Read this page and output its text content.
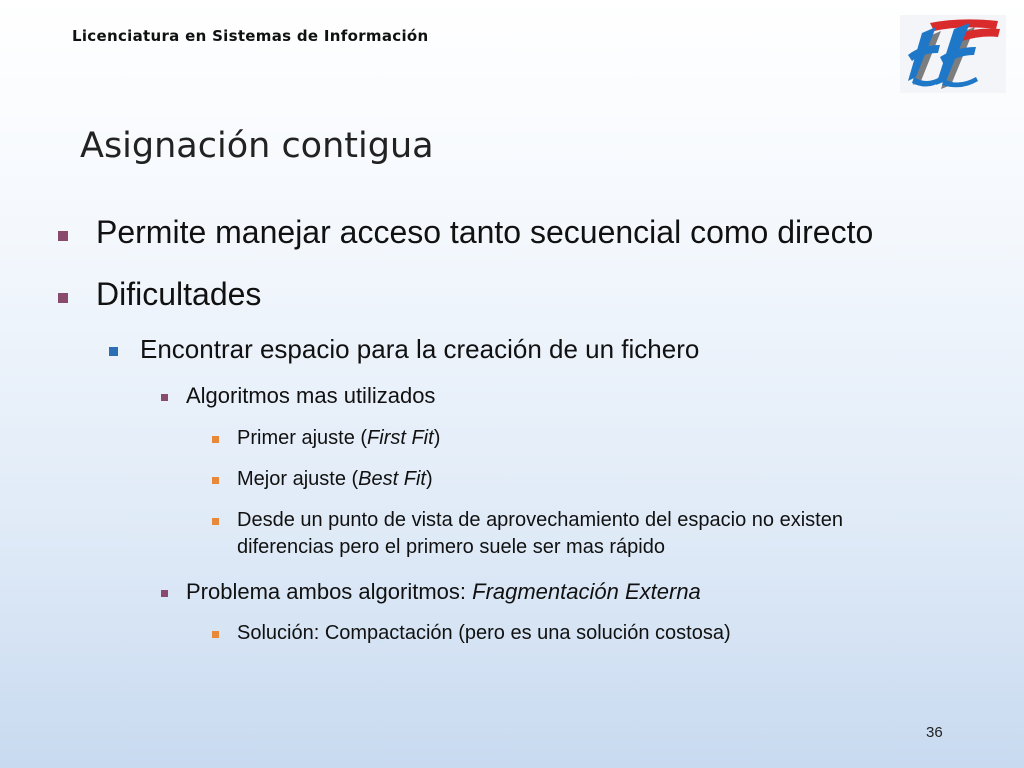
Licenciatura en Sistemas de Información
Asignación contigua
Permite manejar acceso tanto secuencial como directo
Dificultades
Encontrar espacio para la creación de un fichero
Algoritmos mas utilizados
Primer ajuste (First Fit)
Mejor ajuste (Best Fit)
Desde un punto de vista de aprovechamiento del espacio no existen diferencias pero el primero suele ser mas rápido
Problema ambos algoritmos: Fragmentación Externa
Solución: Compactación (pero es una solución costosa)
36
